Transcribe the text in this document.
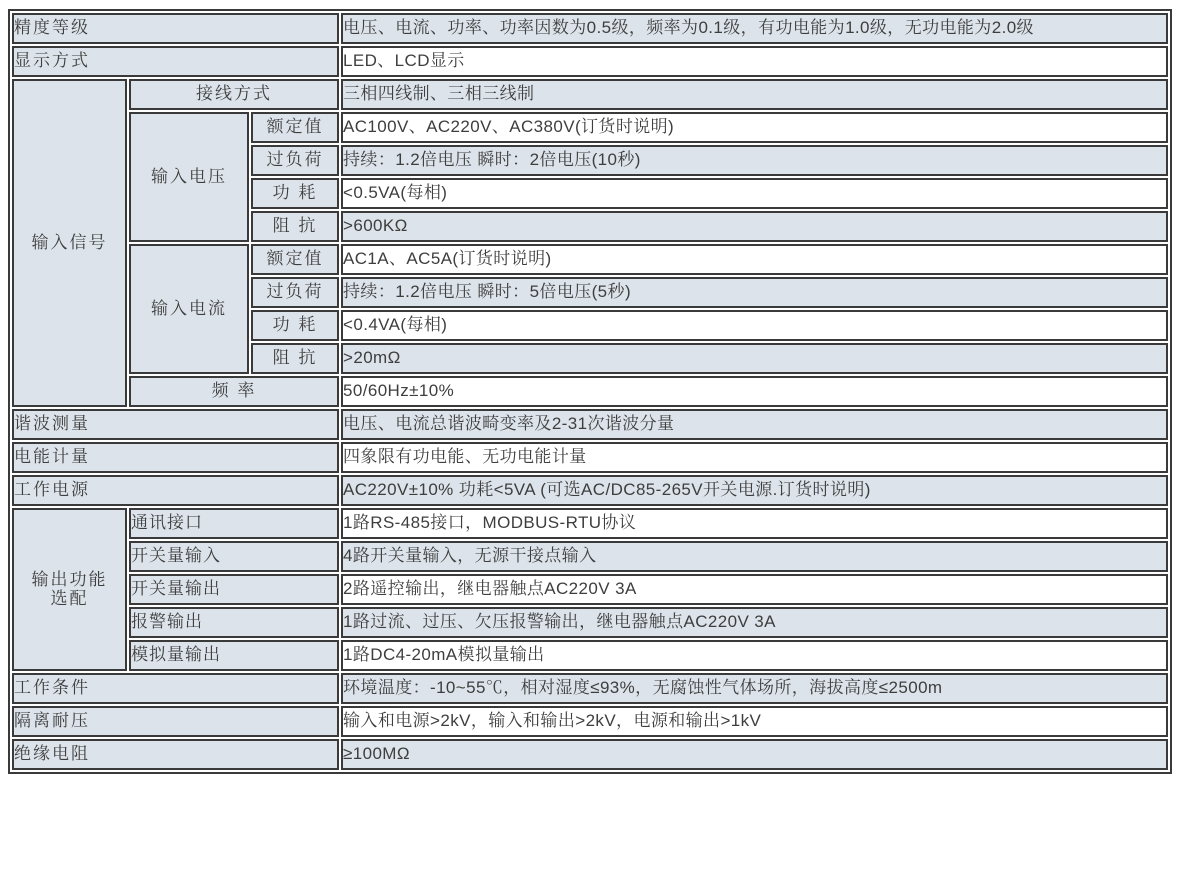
精度等级			电压、电流、功率、功率因数为0.5级，频率为0.1级，有功电能为1.0级，无功电能为2.0级
显示方式			LED、LCD显示
输入信号	接线方式		三相四线制、三相三线制
	输入电压	额定值	AC100V、AC220V、AC380V(订货时说明)
		过负荷	持续：1.2倍电压 瞬时：2倍电压(10秒)
		功 耗	<0.5VA(每相)
		阻 抗	>600KΩ
	输入电流	额定值	AC1A、AC5A(订货时说明)
		过负荷	持续：1.2倍电压 瞬时：5倍电压(5秒)
		功 耗	<0.4VA(每相)
		阻 抗	>20mΩ
	频 率		50/60Hz±10%
谐波测量			电压、电流总谐波畸变率及2-31次谐波分量
电能计量			四象限有功电能、无功电能计量
工作电源			AC220V±10% 功耗<5VA (可选AC/DC85-265V开关电源.订货时说明)

输出功能
选配	通讯接口		1路RS-485接口，MODBUS-RTU协议
	开关量输入		4路开关量输入，无源干接点输入
	开关量输出		2路遥控输出，继电器触点AC220V 3A
	报警输出		1路过流、过压、欠压报警输出，继电器触点AC220V 3A
	模拟量输出		1路DC4-20mA模拟量输出
工作条件			环境温度：-10~55℃，相对湿度≤93%，无腐蚀性气体场所，海拔高度≤2500m
隔离耐压			输入和电源>2kV，输入和输出>2kV，电源和输出>1kV
绝缘电阻			≥100MΩ
